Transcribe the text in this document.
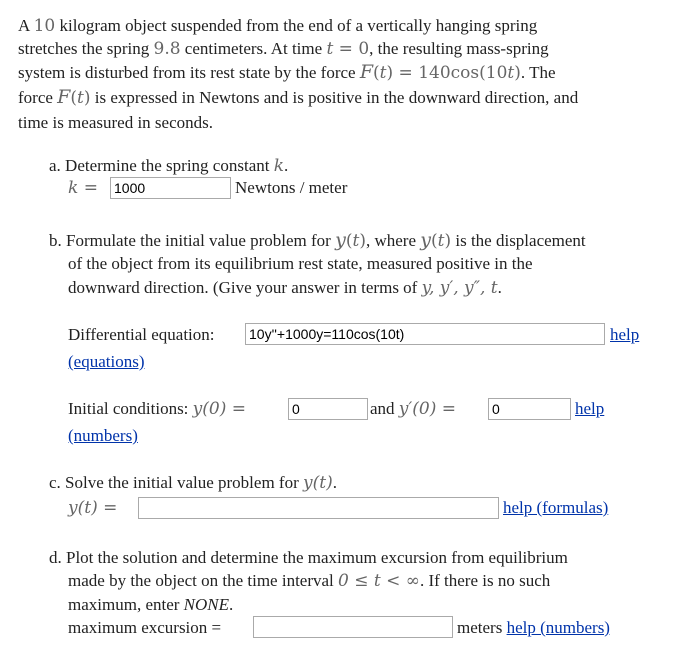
A 10 kilogram object suspended from the end of a vertically hanging spring
stretches the spring 9.8 centimeters. At time t = 0, the resulting mass-spring
system is disturbed from its rest state by the force F(t) = 140cos(10t). The
force F(t) is expressed in Newtons and is positive in the downward direction, and
time is measured in seconds.
a. Determine the spring constant k.
k = 1000	Newtons / meter
b. Formulate the initial value problem for y(t), where y(t) is the displacement
of the object from its equilibrium rest state, measured positive in the
downward direction. (Give your answer in terms of y, y′, y″, t.
Differential equation: 10y''+1000y=110cos(10t)	help
(equations)
Initial conditions: y(0) =	0	and y′(0) =	0	help
(numbers)
c. Solve the initial value problem for y(t).
y(t) =	help (formulas)
d. Plot the solution and determine the maximum excursion from equilibrium
made by the object on the time interval 0 ≤ t < ∞. If there is no such
maximum, enter NONE.
maximum excursion =	meters help (numbers)
